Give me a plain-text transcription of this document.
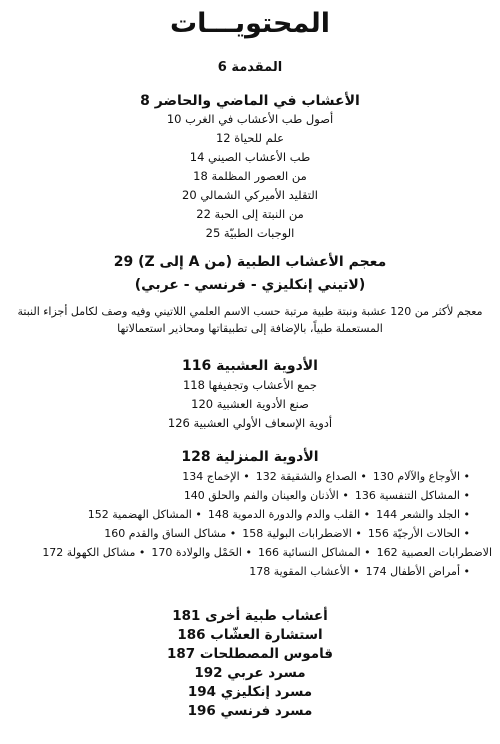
المحتويـــات
المقدمة 6
الأعشاب في الماضي والحاضر 8
أصول طب الأعشاب في الغرب 10
علم للحياة 12
طب الأعشاب الصيني 14
من العصور المظلمة 18
التقليد الأميركي الشمالي 20
من النبتة إلى الحبة 22
الوجبات الطبيّة 25
معجم الأعشاب الطبية (من A إلى Z) 29
(لاتيني إنكليزي - فرنسي - عربي)
معجم لأكثر من 120 عشبة ونبتة طبية مرتبة حسب الاسم العلمي اللاتيني وفيه وصف لكامل أجزاء النبتة المستعملة طبياً، بالإضافة إلى تطبيقاتها ومحاذير استعمالاتها
الأدوية العشبية 116
جمع الأعشاب وتجفيفها 118
صنع الأدوية العشبية 120
أدوية الإسعاف الأولي العشبية 126
الأدوية المنزلية 128
• الأوجاع والآلام 130• الصداع والشقيقة 132• الإخماج 134
• المشاكل التنفسية 136• الأذنان والعينان والفم والحلق 140
• الجلد والشعر 144• القلب والدم والدورة الدموية 148• المشاكل الهضمية 152
• الحالات الأرجيّة 156• الاضطرابات البولية 158• مشاكل الساق والقدم 160
الاضطرابات العصبية 162• المشاكل النسائية 166• الحَمْل والولادة 170• مشاكل الكهولة 172
• أمراض الأطفال 174• الأعشاب المقوية 178
أعشاب طبية أخرى 181
استشارة العشّاب 186
قاموس المصطلحات 187
مسرد عربي 192
مسرد إنكليزي 194
مسرد فرنسي 196
